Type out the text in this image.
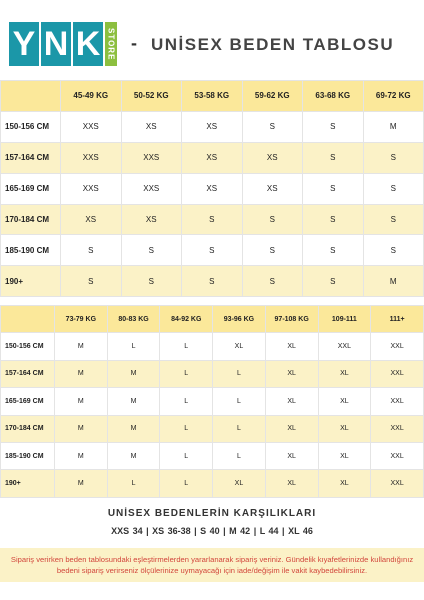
Y N K STORE - UNİSEX BEDEN TABLOSU
	45-49 KG	50-52 KG	53-58 KG	59-62 KG	63-68 KG	69-72 KG
150-156 CM	XXS	XS	XS	S	S	M
157-164 CM	XXS	XXS	XS	XS	S	S
165-169 CM	XXS	XXS	XS	XS	S	S
170-184 CM	XS	XS	S	S	S	S
185-190 CM	S	S	S	S	S	S
190+	S	S	S	S	S	M
	73-79 KG	80-83 KG	84-92 KG	93-96 KG	97-108 KG	109-111	111+
150-156 CM	M	L	L	XL	XL	XXL	XXL
157-164 CM	M	M	L	L	XL	XL	XXL
165-169 CM	M	M	L	L	XL	XL	XXL
170-184 CM	M	M	L	L	XL	XL	XXL
185-190 CM	M	M	L	L	XL	XL	XXL
190+	M	L	L	XL	XL	XL	XXL
UNİSEX BEDENLERİN KARŞILIKLARI
XXS 34 | XS 36-38 | S 40 | M 42 | L 44 | XL 46
Sipariş verirken beden tablosundaki eşleştirmelerden yararlanarak sipariş veriniz. Gündelik kıyafetlerinizde kullandığınız bedeni sipariş verirseniz ölçülerinize uymayacağı için iade/değişim ile vakit kaybedebilirsiniz.
